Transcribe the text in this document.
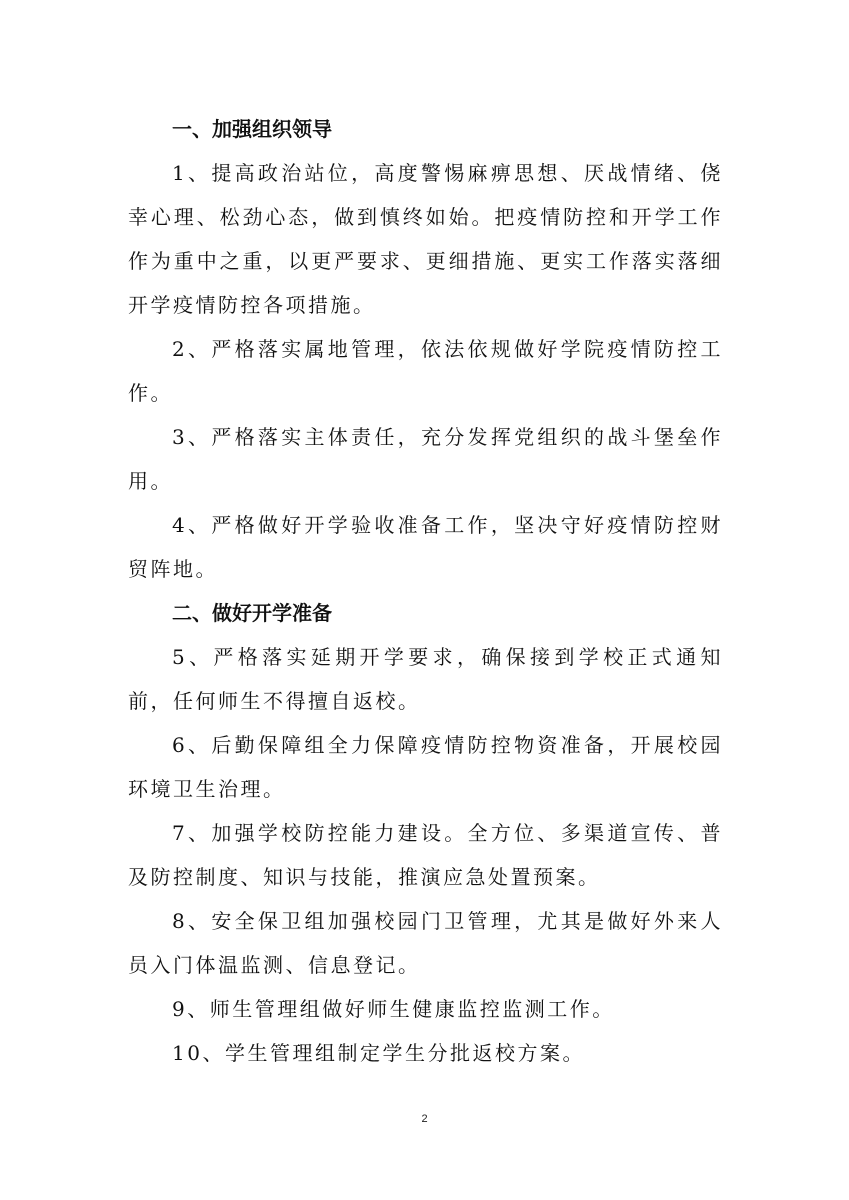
一、加强组织领导

1、提高政治站位，高度警惕麻痹思想、厌战情绪、侥幸心理、松劲心态，做到慎终如始。把疫情防控和开学工作作为重中之重，以更严要求、更细措施、更实工作落实落细开学疫情防控各项措施。

2、严格落实属地管理，依法依规做好学院疫情防控工作。

3、严格落实主体责任，充分发挥党组织的战斗堡垒作用。

4、严格做好开学验收准备工作，坚决守好疫情防控财贸阵地。

二、做好开学准备

5、严格落实延期开学要求，确保接到学校正式通知前，任何师生不得擅自返校。

6、后勤保障组全力保障疫情防控物资准备，开展校园环境卫生治理。

7、加强学校防控能力建设。全方位、多渠道宣传、普及防控制度、知识与技能，推演应急处置预案。

8、安全保卫组加强校园门卫管理，尤其是做好外来人员入门体温监测、信息登记。

9、师生管理组做好师生健康监控监测工作。

10、学生管理组制定学生分批返校方案。

2
